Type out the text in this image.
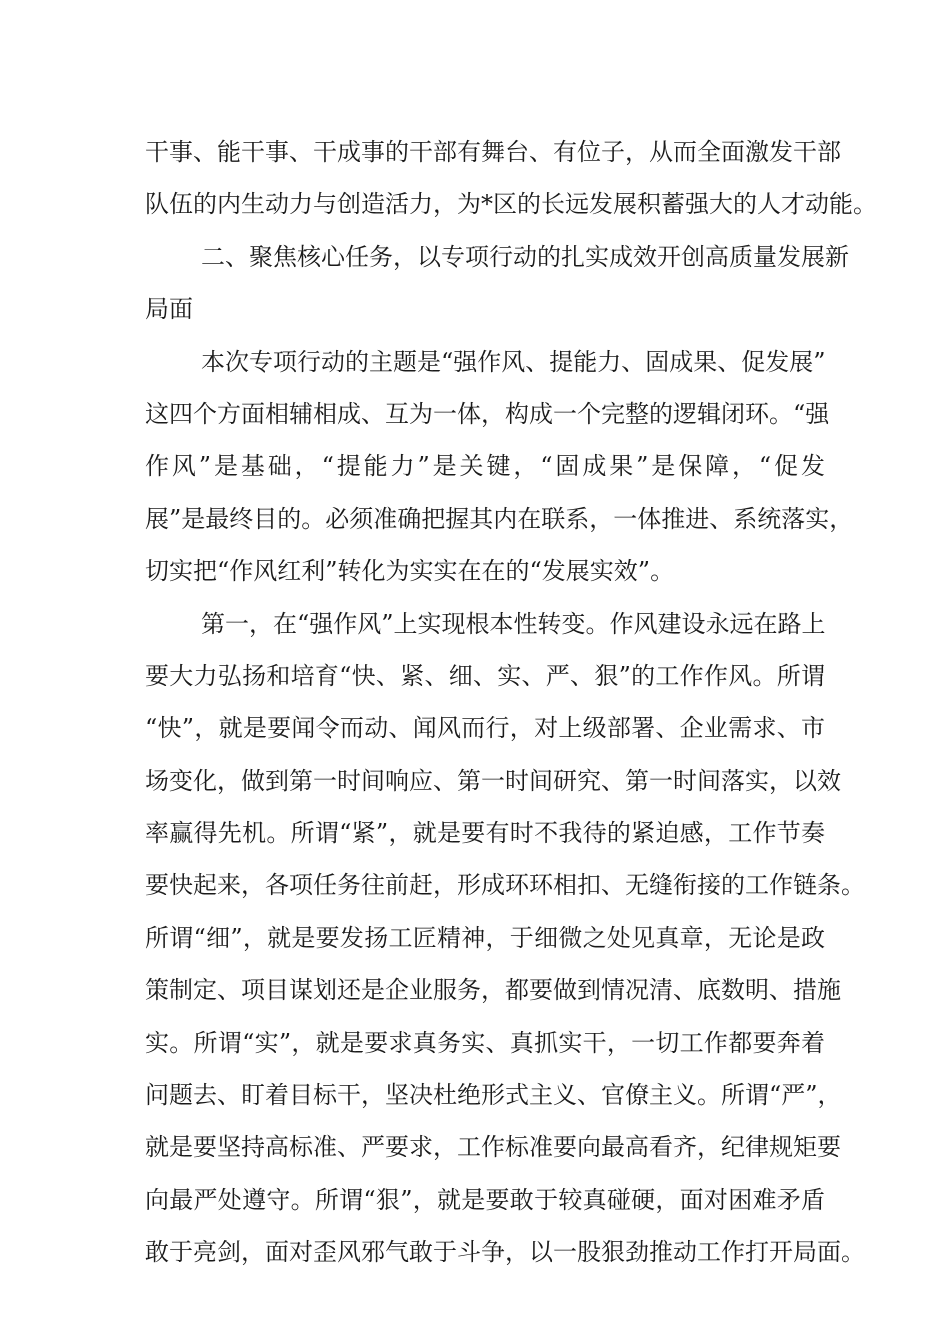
干事、能干事、干成事的干部有舞台、有位子，从而全面激发干部
队伍的内生动力与创造活力，为*区的长远发展积蓄强大的人才动能。
二、聚焦核心任务，以专项行动的扎实成效开创高质量发展新
局面
本次专项行动的主题是“强作风、提能力、固成果、促发展”
这四个方面相辅相成、互为一体，构成一个完整的逻辑闭环。“强
作风”是基础，“提能力”是关键，“固成果”是保障，“促发
展”是最终目的。必须准确把握其内在联系，一体推进、系统落实，
切实把“作风红利”转化为实实在在的“发展实效”。
第一，在“强作风”上实现根本性转变。作风建设永远在路上
要大力弘扬和培育“快、紧、细、实、严、狠”的工作作风。所谓
“快”，就是要闻令而动、闻风而行，对上级部署、企业需求、市
场变化，做到第一时间响应、第一时间研究、第一时间落实，以效
率赢得先机。所谓“紧”，就是要有时不我待的紧迫感，工作节奏
要快起来，各项任务往前赶，形成环环相扣、无缝衔接的工作链条。
所谓“细”，就是要发扬工匠精神，于细微之处见真章，无论是政
策制定、项目谋划还是企业服务，都要做到情况清、底数明、措施
实。所谓“实”，就是要求真务实、真抓实干，一切工作都要奔着
问题去、盯着目标干，坚决杜绝形式主义、官僚主义。所谓“严”，
就是要坚持高标准、严要求，工作标准要向最高看齐，纪律规矩要
向最严处遵守。所谓“狠”，就是要敢于较真碰硬，面对困难矛盾
敢于亮剑，面对歪风邪气敢于斗争，以一股狠劲推动工作打开局面。
